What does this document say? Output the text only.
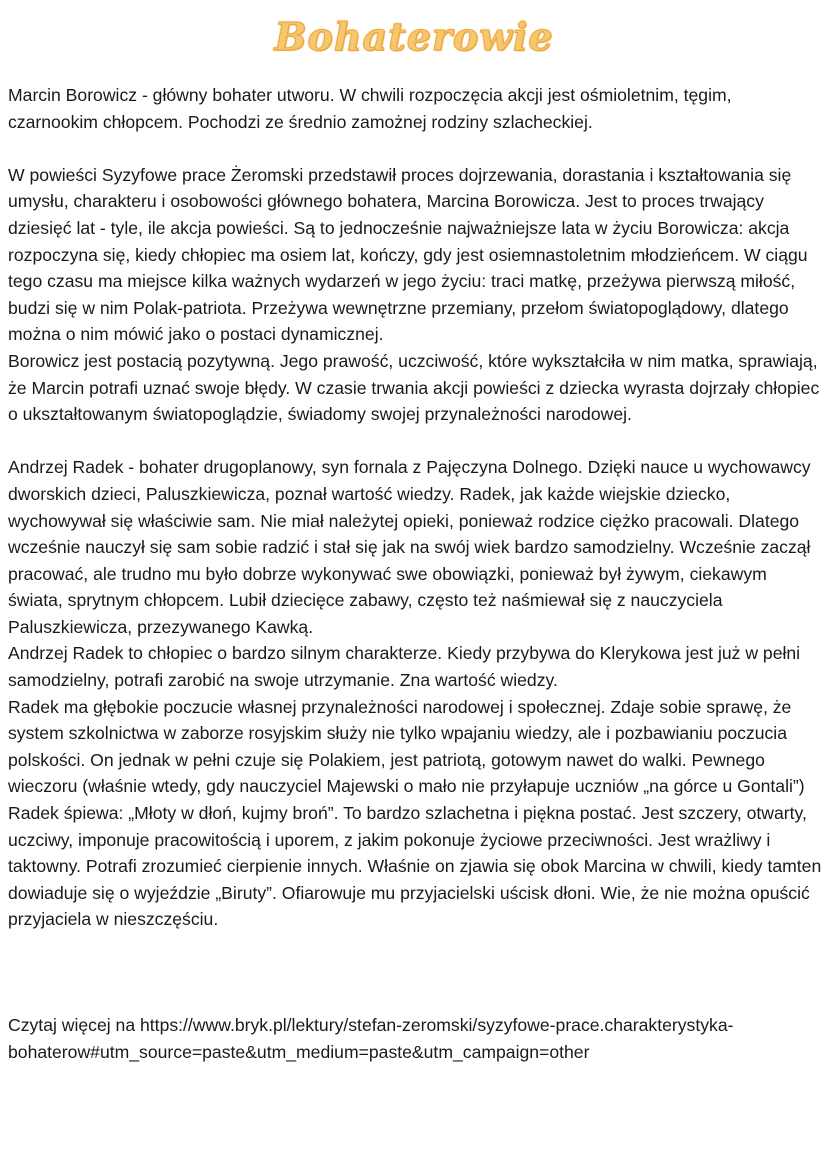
Bohaterowie

Marcin Borowicz - główny bohater utworu. W chwili rozpoczęcia akcji jest ośmioletnim, tęgim, czarnookim chłopcem. Pochodzi ze średnio zamożnej rodziny szlacheckiej.

W powieści Syzyfowe prace Żeromski przedstawił proces dojrzewania, dorastania i kształtowania się umysłu, charakteru i osobowości głównego bohatera, Marcina Borowicza. Jest to proces trwający dziesięć lat - tyle, ile akcja powieści. Są to jednocześnie najważniejsze lata w życiu Borowicza: akcja rozpoczyna się, kiedy chłopiec ma osiem lat, kończy, gdy jest osiemnastoletnim młodzieńcem. W ciągu tego czasu ma miejsce kilka ważnych wydarzeń w jego życiu: traci matkę, przeżywa pierwszą miłość, budzi się w nim Polak-patriota. Przeżywa wewnętrzne przemiany, przełom światopoglądowy, dlatego można o nim mówić jako o postaci dynamicznej.

Borowicz jest postacią pozytywną. Jego prawość, uczciwość, które wykształciła w nim matka, sprawiają, że Marcin potrafi uznać swoje błędy. W czasie trwania akcji powieści z dziecka wyrasta dojrzały chłopiec o ukształtowanym światopoglądzie, świadomy swojej przynależności narodowej.

Andrzej Radek - bohater drugoplanowy, syn fornala z Pajęczyna Dolnego. Dzięki nauce u wychowawcy dworskich dzieci, Paluszkiewicza, poznał wartość wiedzy. Radek, jak każde wiejskie dziecko, wychowywał się właściwie sam. Nie miał należytej opieki, ponieważ rodzice ciężko pracowali. Dlatego wcześnie nauczył się sam sobie radzić i stał się jak na swój wiek bardzo samodzielny. Wcześnie zaczął pracować, ale trudno mu było dobrze wykonywać swe obowiązki, ponieważ był żywym, ciekawym świata, sprytnym chłopcem. Lubił dziecięce zabawy, często też naśmiewał się z nauczyciela Paluszkiewicza, przezywanego Kawką.

Andrzej Radek to chłopiec o bardzo silnym charakterze. Kiedy przybywa do Klerykowa jest już w pełni samodzielny, potrafi zarobić na swoje utrzymanie. Zna wartość wiedzy.

Radek ma głębokie poczucie własnej przynależności narodowej i społecznej. Zdaje sobie sprawę, że system szkolnictwa w zaborze rosyjskim służy nie tylko wpajaniu wiedzy, ale i pozbawianiu poczucia polskości. On jednak w pełni czuje się Polakiem, jest patriotą, gotowym nawet do walki. Pewnego wieczoru (właśnie wtedy, gdy nauczyciel Majewski o mało nie przyłapuje uczniów „na górce u Gontali”) Radek śpiewa: „Młoty w dłoń, kujmy broń”. To bardzo szlachetna i piękna postać. Jest szczery, otwarty, uczciwy, imponuje pracowitością i uporem, z jakim pokonuje życiowe przeciwności. Jest wrażliwy i taktowny. Potrafi zrozumieć cierpienie innych. Właśnie on zjawia się obok Marcina w chwili, kiedy tamten dowiaduje się o wyjeździe „Biruty”. Ofiarowuje mu przyjacielski uścisk dłoni. Wie, że nie można opuścić przyjaciela w nieszczęściu.

Czytaj więcej na https://www.bryk.pl/lektury/stefan-zeromski/syzyfowe-prace.charakterystyka-bohaterow#utm_source=paste&utm_medium=paste&utm_campaign=other
